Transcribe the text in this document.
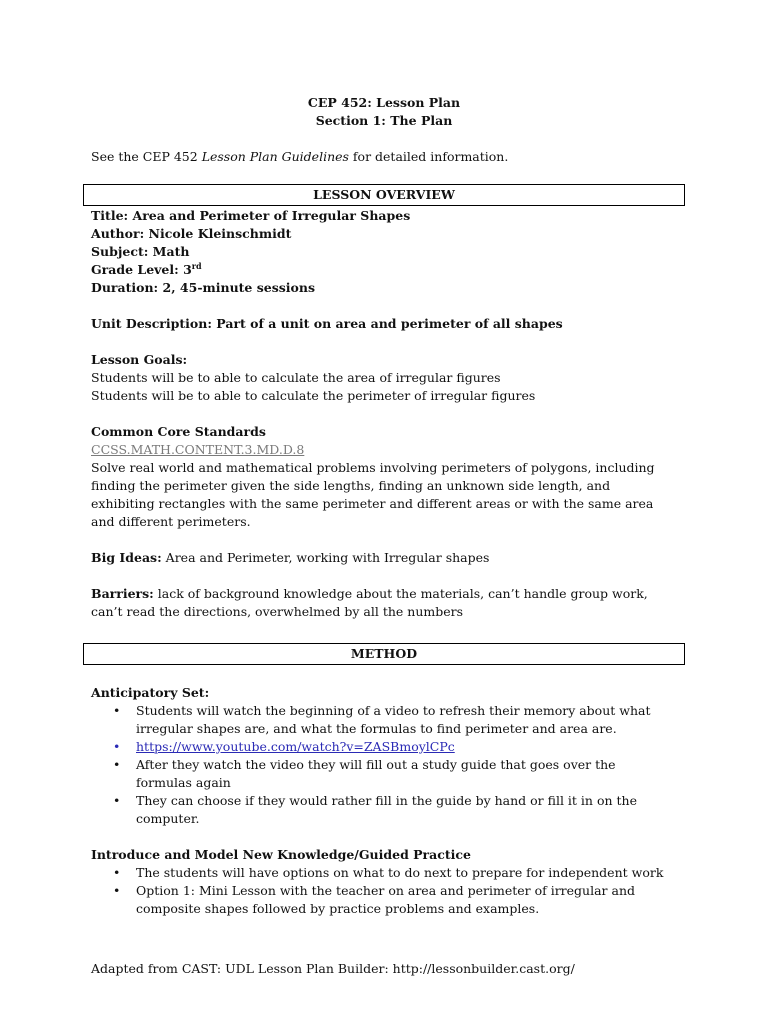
CEP 452: Lesson Plan
Section 1: The Plan
See the CEP 452 Lesson Plan Guidelines for detailed information.
LESSON OVERVIEW
Title: Area and Perimeter of Irregular Shapes
Author: Nicole Kleinschmidt
Subject: Math
Grade Level: 3rd
Duration: 2, 45-minute sessions
Unit Description: Part of a unit on area and perimeter of all shapes
Lesson Goals:
Students will be to able to calculate the area of irregular figures
Students will be to able to calculate the perimeter of irregular figures
Common Core Standards
CCSS.MATH.CONTENT.3.MD.D.8
Solve real world and mathematical problems involving perimeters of polygons, including finding the perimeter given the side lengths, finding an unknown side length, and exhibiting rectangles with the same perimeter and different areas or with the same area and different perimeters.
Big Ideas: Area and Perimeter, working with Irregular shapes
Barriers: lack of background knowledge about the materials, can’t handle group work, can’t read the directions, overwhelmed by all the numbers
METHOD
Anticipatory Set:
• Students will watch the beginning of a video to refresh their memory about what irregular shapes are, and what the formulas to find perimeter and area are.
• https://www.youtube.com/watch?v=ZASBmoylCPc
• After they watch the video they will fill out a study guide that goes over the formulas again
• They can choose if they would rather fill in the guide by hand or fill it in on the computer.
Introduce and Model New Knowledge/Guided Practice
• The students will have options on what to do next to prepare for independent work
• Option 1: Mini Lesson with the teacher on area and perimeter of irregular and composite shapes followed by practice problems and examples.
Adapted from CAST: UDL Lesson Plan Builder: http://lessonbuilder.cast.org/
